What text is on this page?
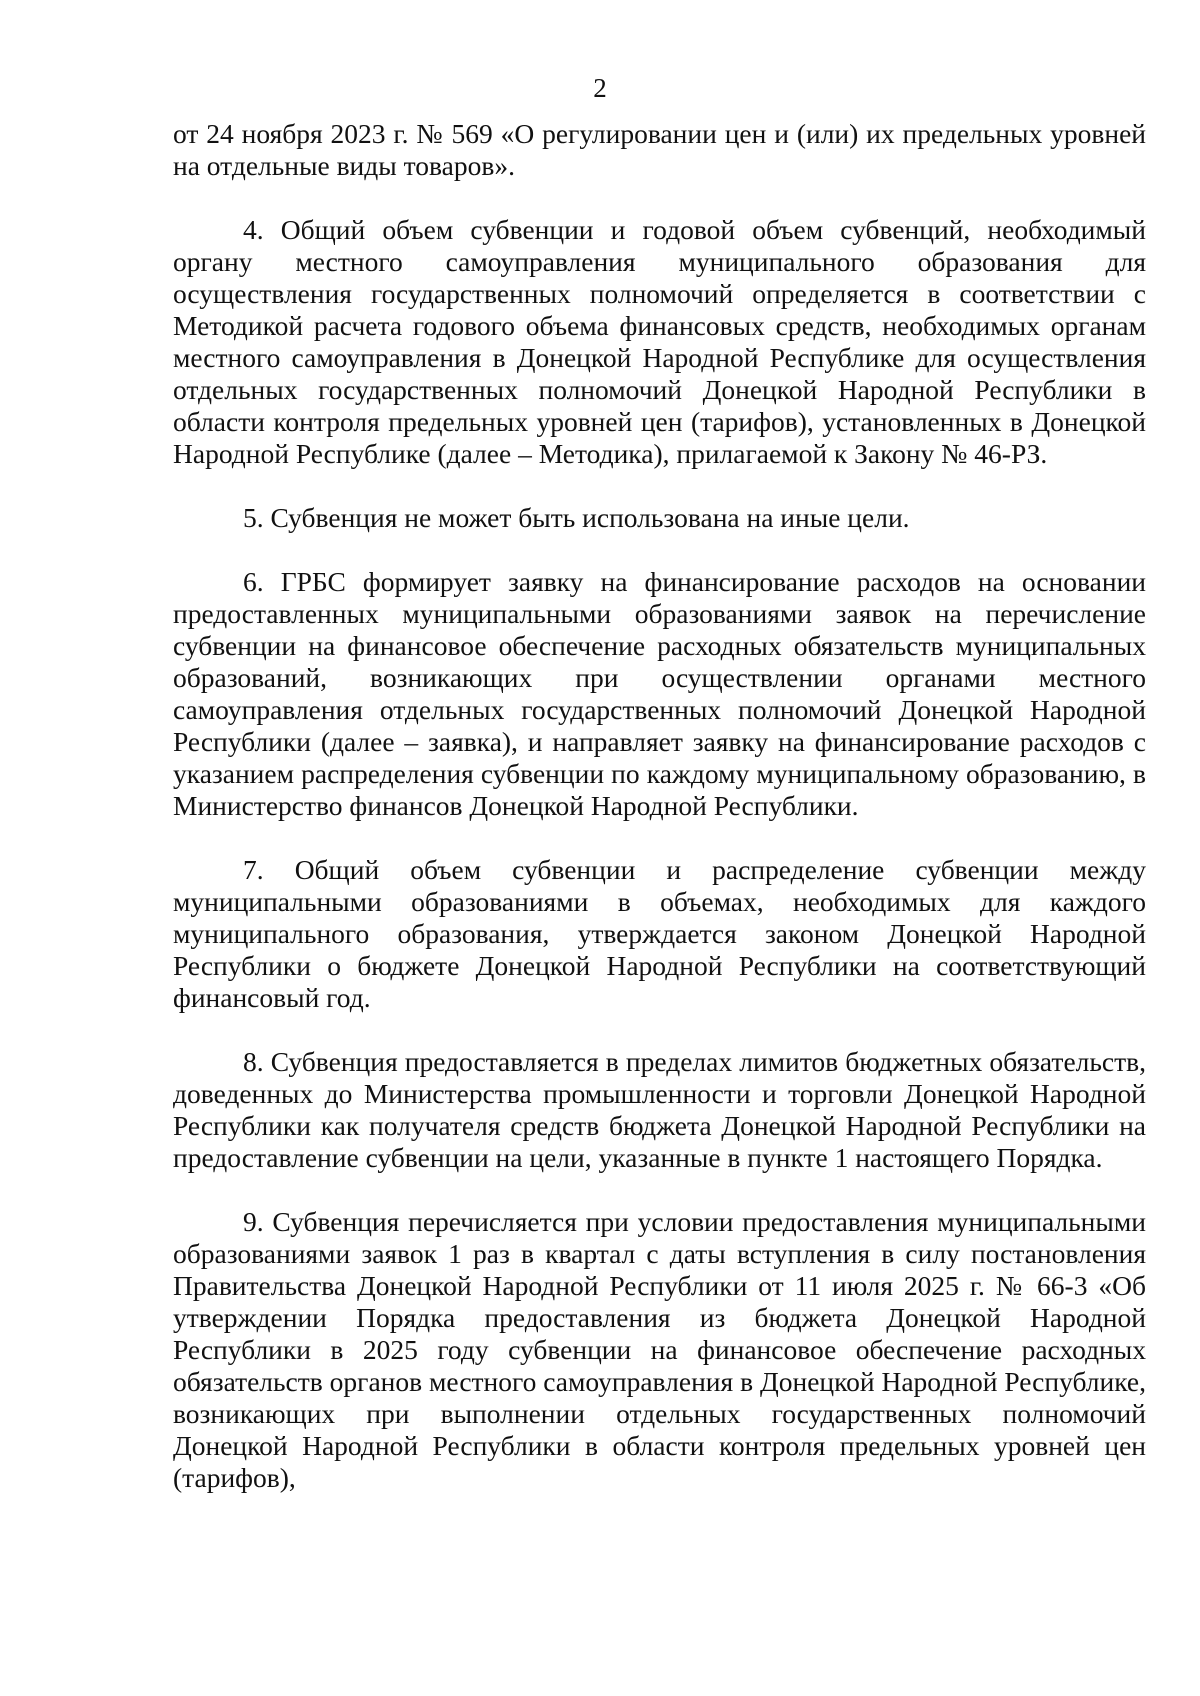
2

от 24 ноября 2023 г. № 569 «О регулировании цен и (или) их предельных уровней на отдельные виды товаров».

4. Общий объем субвенции и годовой объем субвенций, необходимый органу местного самоуправления муниципального образования для осуществления государственных полномочий определяется в соответствии с Методикой расчета годового объема финансовых средств, необходимых органам местного самоуправления в Донецкой Народной Республике для осуществления отдельных государственных полномочий Донецкой Народной Республики в области контроля предельных уровней цен (тарифов), установленных в Донецкой Народной Республике (далее – Методика), прилагаемой к Закону № 46-РЗ.

5. Субвенция не может быть использована на иные цели.

6. ГРБС формирует заявку на финансирование расходов на основании предоставленных муниципальными образованиями заявок на перечисление субвенции на финансовое обеспечение расходных обязательств муниципальных образований, возникающих при осуществлении органами местного самоуправления отдельных государственных полномочий Донецкой Народной Республики (далее – заявка), и направляет заявку на финансирование расходов с указанием распределения субвенции по каждому муниципальному образованию, в Министерство финансов Донецкой Народной Республики.

7. Общий объем субвенции и распределение субвенции между муниципальными образованиями в объемах, необходимых для каждого муниципального образования, утверждается законом Донецкой Народной Республики о бюджете Донецкой Народной Республики на соответствующий финансовый год.

8. Субвенция предоставляется в пределах лимитов бюджетных обязательств, доведенных до Министерства промышленности и торговли Донецкой Народной Республики как получателя средств бюджета Донецкой Народной Республики на предоставление субвенции на цели, указанные в пункте 1 настоящего Порядка.

9. Субвенция перечисляется при условии предоставления муниципальными образованиями заявок 1 раз в квартал с даты вступления в силу постановления Правительства Донецкой Народной Республики от 11 июля 2025 г. № 66-3 «Об утверждении Порядка предоставления из бюджета Донецкой Народной Республики в 2025 году субвенции на финансовое обеспечение расходных обязательств органов местного самоуправления в Донецкой Народной Республике, возникающих при выполнении отдельных государственных полномочий Донецкой Народной Республики в области контроля предельных уровней цен (тарифов),
